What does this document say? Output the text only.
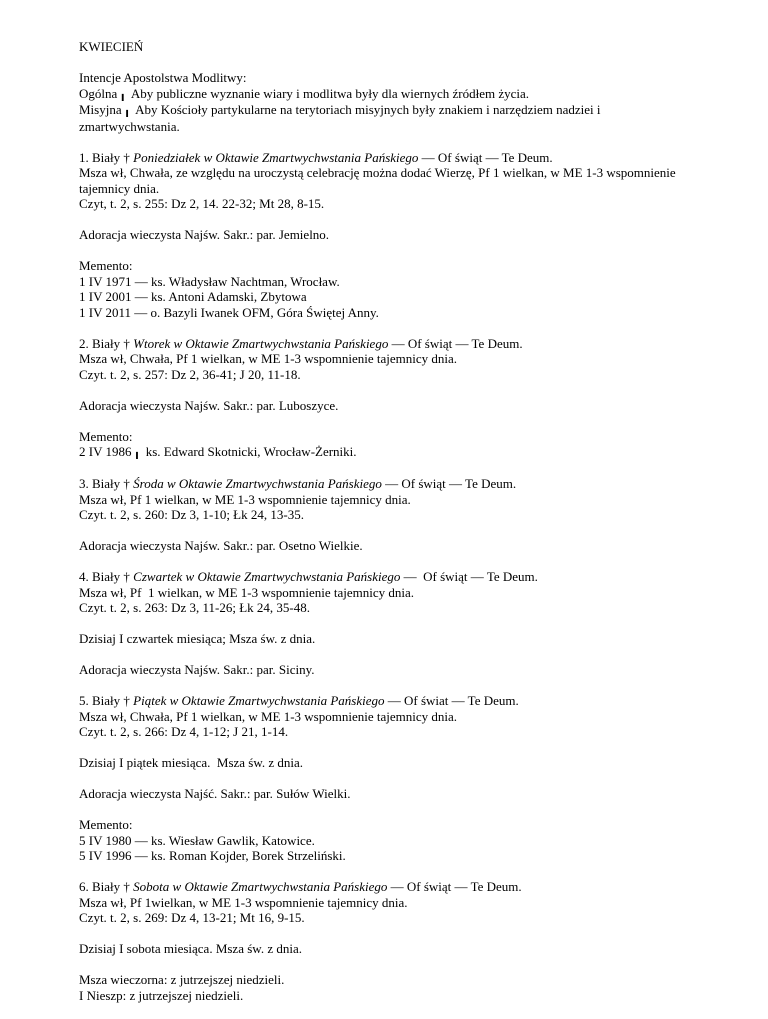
KWIECIEŃ

Intencje Apostolstwa Modlitwy:
Ogólna ╻ Aby publiczne wyznanie wiary i modlitwa były dla wiernych źródłem życia.
Misyjna ╻ Aby Kościoły partykularne na terytoriach misyjnych były znakiem i narzędziem nadziei i zmartwychwstania.
1. Biały † Poniedziałek w Oktawie Zmartwychwstania Pańskiego — Of świąt — Te Deum.
Msza wł, Chwała, ze względu na uroczystą celebrację można dodać Wierzę, Pf 1 wielkan, w ME 1-3 wspomnienie tajemnicy dnia.
Czyt, t. 2, s. 255: Dz 2, 14. 22-32; Mt 28, 8-15.

Adoracja wieczysta Najśw. Sakr.: par. Jemielno.

Memento:
1 IV 1971 — ks. Władysław Nachtman, Wrocław.
1 IV 2001 — ks. Antoni Adamski, Zbytowa
1 IV 2011 — o. Bazyli Iwanek OFM, Góra Świętej Anny.
2. Biały † Wtorek w Oktawie Zmartwychwstania Pańskiego — Of świąt — Te Deum.
Msza wł, Chwała, Pf 1 wielkan, w ME 1-3 wspomnienie tajemnicy dnia.
Czyt. t. 2, s. 257: Dz 2, 36-41; J 20, 11-18.

Adoracja wieczysta Najśw. Sakr.: par. Luboszyce.

Memento:
2 IV 1986 ╻ ks. Edward Skotnicki, Wrocław-Żerniki.
3. Biały † Środa w Oktawie Zmartwychwstania Pańskiego — Of świąt — Te Deum.
Msza wł, Pf 1 wielkan, w ME 1-3 wspomnienie tajemnicy dnia.
Czyt. t. 2, s. 260: Dz 3, 1-10; Łk 24, 13-35.

Adoracja wieczysta Najśw. Sakr.: par. Osetno Wielkie.

4. Biały † Czwartek w Oktawie Zmartwychwstania Pańskiego —  Of świąt — Te Deum.
Msza wł, Pf  1 wielkan, w ME 1-3 wspomnienie tajemnicy dnia.
Czyt. t. 2, s. 263: Dz 3, 11-26; Łk 24, 35-48.

Dzisiaj I czwartek miesiąca; Msza św. z dnia.

Adoracja wieczysta Najśw. Sakr.: par. Siciny.

5. Biały † Piątek w Oktawie Zmartwychwstania Pańskiego — Of świat — Te Deum.
Msza wł, Chwała, Pf 1 wielkan, w ME 1-3 wspomnienie tajemnicy dnia.
Czyt. t. 2, s. 266: Dz 4, 1-12; J 21, 1-14.

Dzisiaj I piątek miesiąca.  Msza św. z dnia.

Adoracja wieczysta Najść. Sakr.: par. Sułów Wielki.

Memento:
5 IV 1980 — ks. Wiesław Gawlik, Katowice.
5 IV 1996 — ks. Roman Kojder, Borek Strzeliński.
6. Biały † Sobota w Oktawie Zmartwychwstania Pańskiego — Of świąt — Te Deum.
Msza wł, Pf 1wielkan, w ME 1-3 wspomnienie tajemnicy dnia.
Czyt. t. 2, s. 269: Dz 4, 13-21; Mt 16, 9-15.

Dzisiaj I sobota miesiąca. Msza św. z dnia.

Msza wieczorna: z jutrzejszej niedzieli.
I Nieszp: z jutrzejszej niedzieli.
